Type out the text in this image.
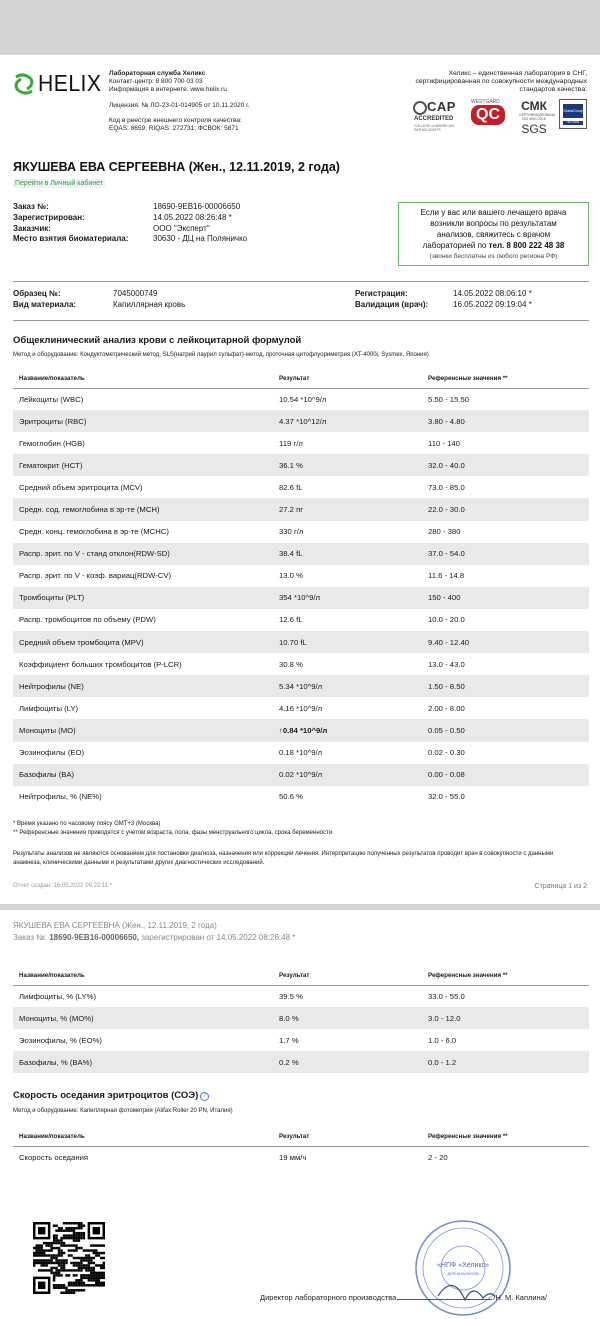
HELIX Лабораторная служба Хеликс
Контакт-центр: 8 800 700 03 03
Информация в интернете: www.helix.ru
Лицензия: № ЛО-23-01-014905 от 10.11.2020 г.
Код в реестре внешнего контроля качества:
EQAS: 8659; RIQAS: 272731; ФСВОК: 5871
Хеликс – единственная лаборатория в СНГ,
сертифицированная по совокупности международных
стандартов качества:
CAP
ACCREDITED
COLLEGE of AMERICAN PATHOLOGISTS
WESTGARD
QC	СМК
СЕРТИФИЦИРОВАНА ISO 9001:2015
SGS
GlobalGroup
ISO 15189
ЯКУШЕВА ЕВА СЕРГЕЕВНА (Жен., 12.11.2019, 2 года)
Перейти в Личный кабинет
Заказ №:	18690-9EB16-00006650
Зарегистрирован:	14.05.2022 08:26:48 *
Заказчик:	ООО "Эксперт"
Место взятия биоматериала:	30630 - ДЦ на Поляничко
Если у вас или вашего лечащего врача
возникли вопросы по результатам
анализов, свяжитесь с врачом
лабораторией по тел. 8 800 222 48 38
(звонки бесплатны из любого региона РФ)
Образец №:	7045000749
Вид материала:	Капиллярная кровь
Регистрация:	14.05.2022 08:06:10 *
Валидация (врач):	16.05.2022 09:19:04 *
Общеклинический анализ крови с лейкоцитарной формулой
Метод и оборудование: Кондуктометрический метод, SLS(натрий лаурил сульфат)-метод, проточная цитофлуориметрия (XT-4000i, Sysmex, Япония)
Название/показатель	Результат	Референсные значения **
Лейкоциты (WBC)	10.54 *10^9/л	5.50 - 15.50
Эритроциты (RBC)	4.37 *10^12/л	3.80 - 4.80
Гемоглобин (HGB)	119 г/л	110 - 140
Гематокрит (HCT)	36.1 %	32.0 - 40.0
Средний объем эритроцита (MCV)	82.6 fL	73.0 - 85.0
Средн. сод. гемоглобина в эр-те (MCH)	27.2 пг	22.0 - 30.0
Средн. конц. гемоглобина в эр-те (MCHC)	330 г/л	280 - 380
Распр. эрит. по V - станд отклон(RDW-SD)	38.4 fL	37.0 - 54.0
Распр. эрит. по V - коэф. вариац(RDW-CV)	13.0 %	11.6 - 14.8
Тромбоциты (PLT)	354 *10^9/л	150 - 400
Распр. тромбоцитов по объему (PDW)	12.6 fL	10.0 - 20.0
Средний объем тромбоцита (MPV)	10.70 fL	9.40 - 12.40
Коэффициент больших тромбоцитов (P-LCR)	30.8 %	13.0 - 43.0
Нейтрофилы (NE)	5.34 *10^9/л	1.50 - 8.50
Лимфоциты (LY)	4.16 *10^9/л	2.00 - 8.00
Моноциты (MO)	↑0.84 *10^9/л	0.05 - 0.50
Эозинофилы (EO)	0.18 *10^9/л	0.02 - 0.30
Базофилы (BA)	0.02 *10^9/л	0.00 - 0.08
Нейтрофилы, % (NE%)	50.6 %	32.0 - 55.0
* Время указано по часовому поясу GMT+3 (Москва)
** Референсные значения приводятся с учетом возраста, пола, фазы менструального цикла, срока беременности.
Результаты анализов не являются основанием для постановки диагноза, назначения или коррекции лечения. Интерпретацию полученных результатов проводит врач в совокупности с данными анамнеза, клиническими данными и результатами других диагностических исследований.
Отчет создан: 16.05.2022 09:22:11 *	Страница 1 из 2
ЯКУШЕВА ЕВА СЕРГЕЕВНА (Жен., 12.11.2019, 2 года)
Заказ №: 18690-9EB16-00006650, зарегистрирован от 14.05.2022 08:26:48 *
Название/показатель	Результат	Референсные значения **
Лимфоциты, % (LY%)	39.5 %	33.0 - 55.0
Моноциты, % (MO%)	8.0 %	3.0 - 12.0
Эозинофилы, % (EO%)	1.7 %	1.0 - 6.0
Базофилы, % (BA%)	0.2 %	0.0 - 1.2
Скорость оседания эритроцитов (СОЭ) ?
Метод и оборудование: Капиллярная фотометрия (Alifax Roller 20 PN, Италия)
Название/показатель	Результат	Референсные значения **
Скорость оседания	19 мм/ч	2 - 20
«НПФ «Хеликс»
ДЛЯ АНАЛИЗОВ
Директор лабораторного производства	/Н. М. Каплина/
